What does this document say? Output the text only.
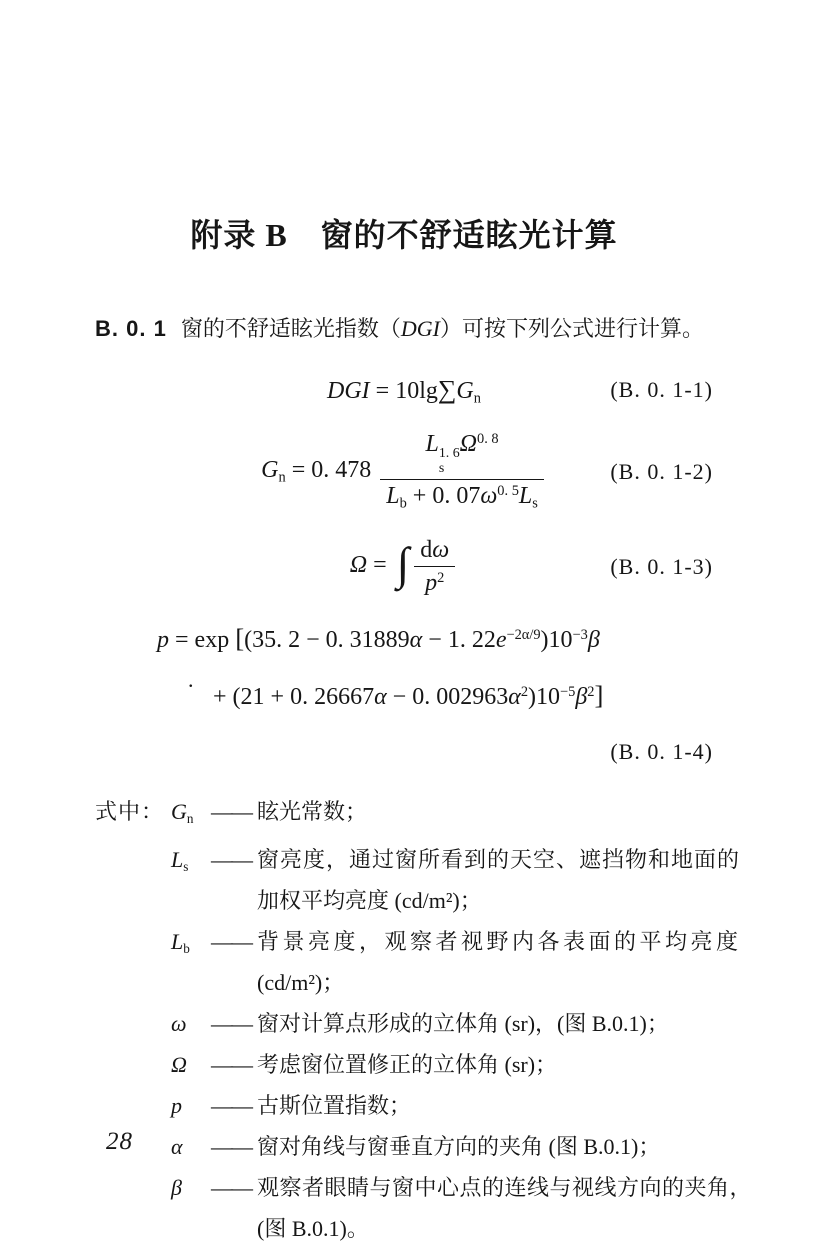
附录 B　窗的不舒适眩光计算
B. 0. 1 窗的不舒适眩光指数（DGI）可按下列公式进行计算。
DGI = $10\lg\sum G_n$	(B. 0. 1-1)
$G_n = 0$. 478 L 1. 6
s
$\Omega^{0. 8}$
$L_b + 0$. $07\omega^{0. 5}L_s$	(B. 0. 1-2)
Ω = ∫ $\frac{d\omega}{p^2}$	(B. 0. 1-3)
p = exp [(35. 2 − 0. 31889α − 1. $22e^{-2\alpha/9})10^{-3}\beta$
.
+ (21 + 0. 26667α − 0. $002963\alpha^2)10^{-5}\beta^2$]
(B. 0. 1-4)
式中： $G_n$ —— 眩光常数；
$L_s$	—— 窗亮度，通过窗所看到的天空、遮挡物和地面的加权平均亮度 (cd/m²)；
$L_b$ —— 背景亮度，观察者视野内各表面的平均亮度(cd/m²)；
ω	—— 窗对计算点形成的立体角 (sr)，(图 B.0.1)；
Ω	—— 考虑窗位置修正的立体角 (sr)；
p	—— 古斯位置指数；
α	—— 窗对角线与窗垂直方向的夹角 (图 B.0.1)；
β	—— 观察者眼睛与窗中心点的连线与视线方向的夹角，(图 B.0.1)。
28
